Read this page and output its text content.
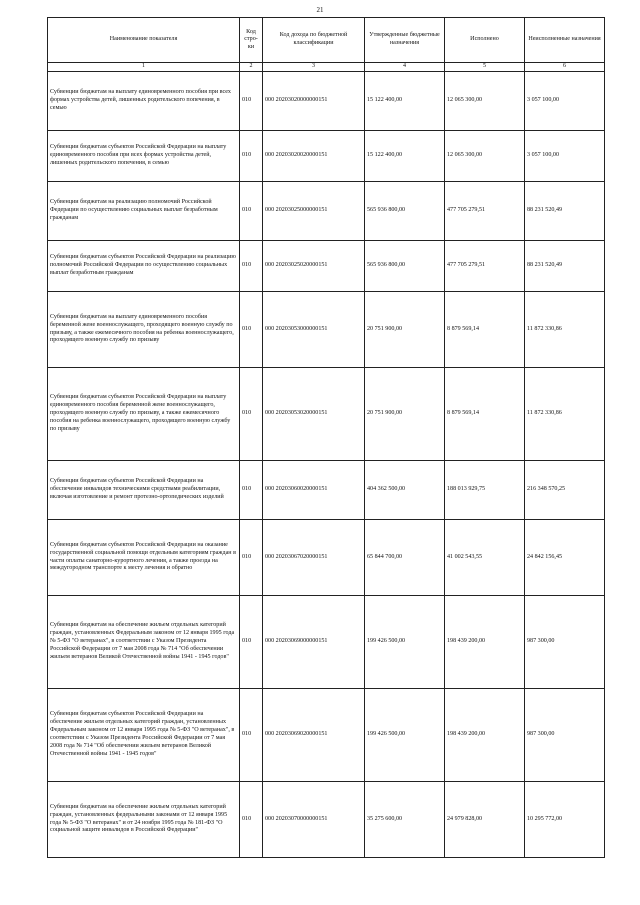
21
Наименование показателя	Код стро-ки	Код дохода по бюджетной классификации	Утвержденные бюджетные назначения	Исполнено	Неисполненные назначения
1	2	3	4	5	6
Субвенции бюджетам на выплату единовременного пособия при всех формах устройства детей, лишенных родительского попечения, в семью	010	000 20203020000000151	15 122 400,00	12 065 300,00	3 057 100,00
Субвенции бюджетам субъектов Российской Федерации на выплату единовременного пособия при всех формах устройства детей, лишенных родительского попечения, в семью	010	000 20203020020000151	15 122 400,00	12 065 300,00	3 057 100,00
Субвенции бюджетам на реализацию полномочий Российской Федерации по осуществлению социальных выплат безработным гражданам	010	000 20203025000000151	565 936 800,00	477 705 279,51	88 231 520,49
Субвенции бюджетам субъектов Российской Федерации на реализацию полномочий Российской Федерации по осуществлению социальных выплат безработным гражданам	010	000 20203025020000151	565 936 800,00	477 705 279,51	88 231 520,49
Субвенции бюджетам на выплату единовременного пособия беременной жене военнослужащего, проходящего военную службу по призыву, а также ежемесячного пособия на ребенка военнослужащего, проходящего военную службу по призыву	010	000 20203053000000151	20 751 900,00	8 879 569,14	11 872 330,86
Субвенции бюджетам субъектов Российской Федерации на выплату единовременного пособия беременной жене военнослужащего, проходящего военную службу по призыву, а также ежемесячного пособия на ребенка военнослужащего, проходящего военную службу по призыву	010	000 20203053020000151	20 751 900,00	8 879 569,14	11 872 330,86
Субвенции бюджетам субъектов Российской Федерации на обеспечение инвалидов техническими средствами реабилитации, включая изготовление и ремонт протезно-ортопедических изделий	010	000 20203060020000151	404 362 500,00	188 013 929,75	216 348 570,25
Субвенции бюджетам субъектов Российской Федерации на оказание государственной социальной помощи отдельным категориям граждан в части оплаты санаторно-курортного лечения, а также проезда на междугородном транспорте к месту лечения и обратно	010	000 20203067020000151	65 844 700,00	41 002 543,55	24 842 156,45
Субвенции бюджетам на обеспечение жильем отдельных категорий граждан, установленных Федеральным законом от 12 января 1995 года № 5-ФЗ "О ветеранах", в соответствии с Указом Президента Российской Федерации от 7 мая 2008 года № 714 "Об обеспечении жильем ветеранов Великой Отечественной войны 1941 - 1945 годов"	010	000 20203069000000151	199 426 500,00	198 439 200,00	987 300,00
Субвенции бюджетам субъектов Российской Федерации на обеспечение жильем отдельных категорий граждан, установленных Федеральным законом от 12 января 1995 года № 5-ФЗ "О ветеранах", в соответствии с Указом Президента Российской Федерации от 7 мая 2008 года № 714 "Об обеспечении жильем ветеранов Великой Отечественной войны 1941 - 1945 годов"	010	000 20203069020000151	199 426 500,00	198 439 200,00	987 300,00
Субвенции бюджетам на обеспечение жильем отдельных категорий граждан, установленных федеральными законами от 12 января 1995 года № 5-ФЗ "О ветеранах" и от 24 ноября 1995 года № 181-ФЗ "О социальной защите инвалидов в Российской Федерации"	010	000 20203070000000151	35 275 600,00	24 979 828,00	10 295 772,00
